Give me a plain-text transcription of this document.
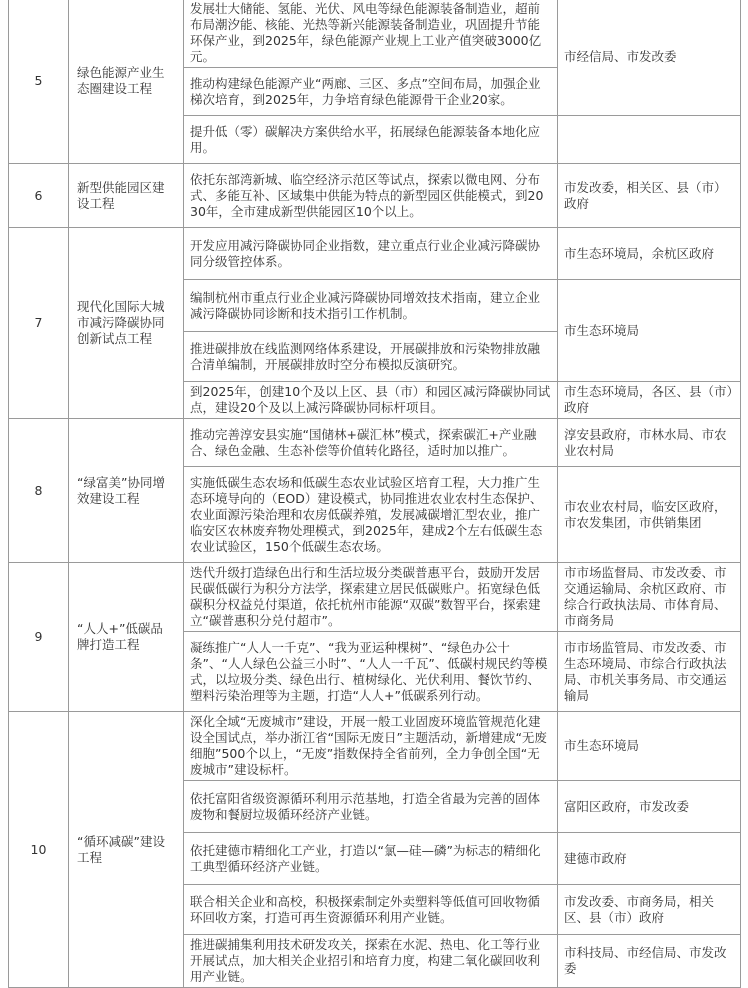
5	绿色能源产业生态圈建设工程	发展壮大储能、氢能、光伏、风电等绿色能源装备制造业，超前布局潮汐能、核能、光热等新兴能源装备制造业，巩固提升节能环保产业，到2025年，绿色能源产业规上工业产值突破3000亿元。	市经信局、市发改委
		推动构建绿色能源产业“两廊、三区、多点”空间布局，加强企业梯次培育，到2025年，力争培育绿色能源骨干企业20家。	
		提升低（零）碳解决方案供给水平，拓展绿色能源装备本地化应用。	
6	新型供能园区建设工程	依托东部湾新城、临空经济示范区等试点，探索以微电网、分布式、多能互补、区域集中供能为特点的新型园区供能模式，到2030年，全市建成新型供能园区10个以上。	市发改委，相关区、县（市）政府
7	现代化国际大城市减污降碳协同创新试点工程	开发应用减污降碳协同企业指数，建立重点行业企业减污降碳协同分级管控体系。	市生态环境局，余杭区政府
		编制杭州市重点行业企业减污降碳协同增效技术指南，建立企业减污降碳协同诊断和技术指引工作机制。	市生态环境局
		推进碳排放在线监测网络体系建设，开展碳排放和污染物排放融合清单编制，开展碳排放时空分布模拟反演研究。	
		到2025年，创建10个及以上区、县（市）和园区减污降碳协同试点，建设20个及以上减污降碳协同标杆项目。	市生态环境局，各区、县（市）政府
8	“绿富美”协同增效建设工程	推动完善淳安县实施“国储林+碳汇林”模式，探索碳汇+产业融合、绿色金融、生态补偿等价值转化路径，适时加以推广。	淳安县政府，市林水局、市农业农村局
		实施低碳生态农场和低碳生态农业试验区培育工程，大力推广生态环境导向的（EOD）建设模式，协同推进农业农村生态保护、农业面源污染治理和农房低碳养殖，发展减碳增汇型农业，推广临安区农林废弃物处理模式，到2025年，建成2个左右低碳生态农业试验区，150个低碳生态农场。	市农业农村局，临安区政府，市农发集团，市供销集团
9	“人人+”低碳品牌打造工程	迭代升级打造绿色出行和生活垃圾分类碳普惠平台，鼓励开发居民碳低碳行为积分方法学，探索建立居民低碳账户。拓宽绿色低碳积分权益兑付渠道，依托杭州市能源“双碳”数智平台，探索建立“碳普惠积分兑付超市”。	市市场监督局、市发改委、市交通运输局、余杭区政府、市综合行政执法局、市体育局、市商务局
		凝练推广“人人一千克”、“我为亚运种棵树”、“绿色办公十条”、“人人绿色公益三小时”、“人人一千瓦”、低碳村规民约等模式，以垃圾分类、绿色出行、植树绿化、光伏利用、餐饮节约、塑料污染治理等为主题，打造“人人+”低碳系列行动。	市市场监管局、市发改委、市生态环境局、市综合行政执法局、市机关事务局、市交通运输局
10	“循环减碳”建设工程	深化全域“无废城市”建设，开展一般工业固废环境监管规范化建设全国试点，举办浙江省“国际无废日”主题活动，新增建成“无废细胞”500个以上，“无废”指数保持全省前列，全力争创全国“无废城市”建设标杆。	市生态环境局
		依托富阳省级资源循环利用示范基地，打造全省最为完善的固体废物和餐厨垃圾循环经济产业链。	富阳区政府，市发改委
		依托建德市精细化工产业，打造以“氯—硅—磷”为标志的精细化工典型循环经济产业链。	建德市政府
		联合相关企业和高校，积极探索制定外卖塑料等低值可回收物循环回收方案，打造可再生资源循环利用产业链。	市发改委、市商务局，相关区、县（市）政府
		推进碳捕集利用技术研发攻关，探索在水泥、热电、化工等行业开展试点，加大相关企业招引和培育力度，构建二氧化碳回收利用产业链。	市科技局、市经信局、市发改委
